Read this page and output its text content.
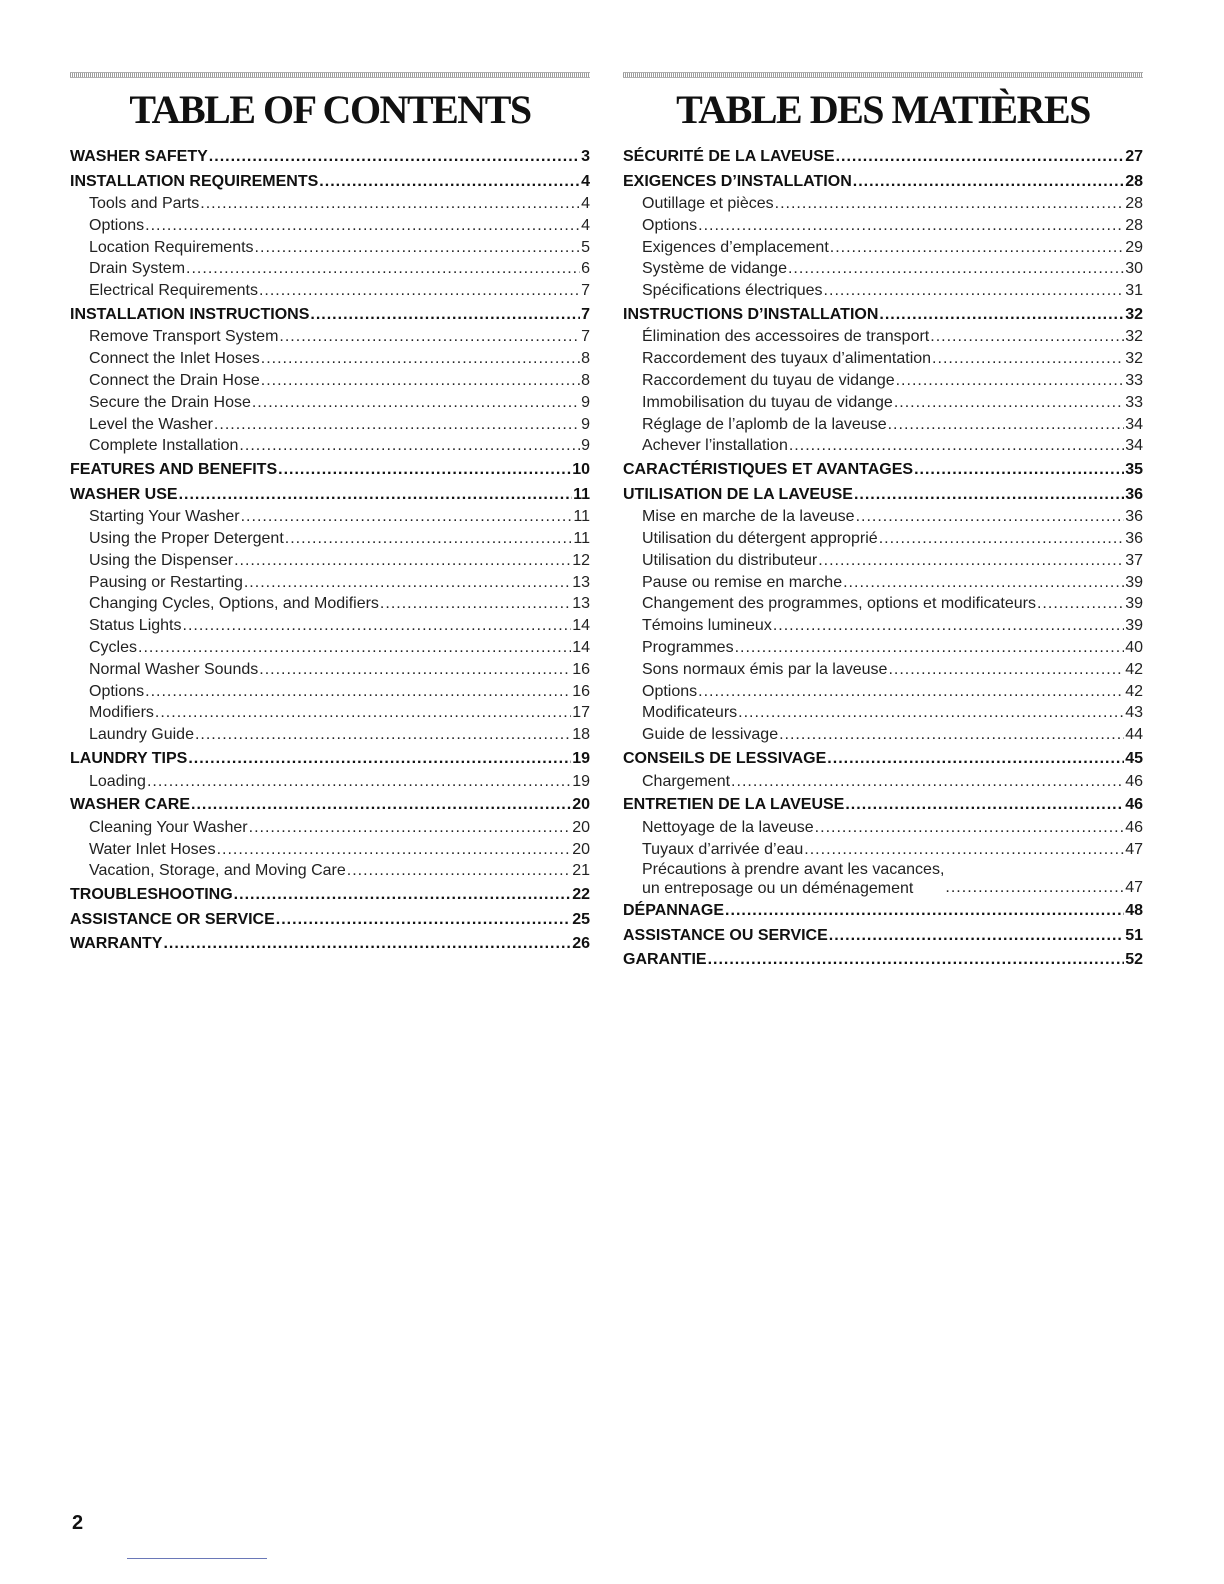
TABLE OF CONTENTS
WASHER SAFETY .....	3
INSTALLATION REQUIREMENTS .....	4
Tools and Parts .....	4
Options .....	4
Location Requirements .....	5
Drain System .....	6
Electrical Requirements .....	7
INSTALLATION INSTRUCTIONS .....	7
Remove Transport System .....	7
Connect the Inlet Hoses .....	8
Connect the Drain Hose .....	8
Secure the Drain Hose .....	9
Level the Washer .....	9
Complete Installation .....	9
FEATURES AND BENEFITS .....	10
WASHER USE .....	11
Starting Your Washer .....	11
Using the Proper Detergent .....	11
Using the Dispenser .....	12
Pausing or Restarting .....	13
Changing Cycles, Options, and Modifiers .....	13
Status Lights .....	14
Cycles .....	14
Normal Washer Sounds .....	16
Options .....	16
Modifiers .....	17
Laundry Guide .....	18
LAUNDRY TIPS .....	19
Loading .....	19
WASHER CARE .....	20
Cleaning Your Washer .....	20
Water Inlet Hoses .....	20
Vacation, Storage, and Moving Care .....	21
TROUBLESHOOTING .....	22
ASSISTANCE OR SERVICE .....	25
WARRANTY .....	26
TABLE DES MATIÈRES
SÉCURITÉ DE LA LAVEUSE .....	27
EXIGENCES D’INSTALLATION .....	28
Outillage et pièces .....	28
Options .....	28
Exigences d’emplacement .....	29
Système de vidange .....	30
Spécifications électriques .....	31
INSTRUCTIONS D’INSTALLATION .....	32
Élimination des accessoires de transport .....	32
Raccordement des tuyaux d’alimentation .....	32
Raccordement du tuyau de vidange .....	33
Immobilisation du tuyau de vidange .....	33
Réglage de l’aplomb de la laveuse .....	34
Achever l’installation .....	34
CARACTÉRISTIQUES ET AVANTAGES .....	35
UTILISATION DE LA LAVEUSE .....	36
Mise en marche de la laveuse .....	36
Utilisation du détergent approprié .....	36
Utilisation du distributeur .....	37
Pause ou remise en marche .....	39
Changement des programmes, options et modificateurs .....	39
Témoins lumineux .....	39
Programmes .....	40
Sons normaux émis par la laveuse .....	42
Options .....	42
Modificateurs .....	43
Guide de lessivage .....	44
CONSEILS DE LESSIVAGE .....	45
Chargement .....	46
ENTRETIEN DE LA LAVEUSE .....	46
Nettoyage de la laveuse .....	46
Tuyaux d’arrivée d’eau .....	47
Précautions à prendre avant les vacances,
un entreposage ou un déménagement .....	47
DÉPANNAGE .....	48
ASSISTANCE OU SERVICE .....	51
GARANTIE .....	52
2
